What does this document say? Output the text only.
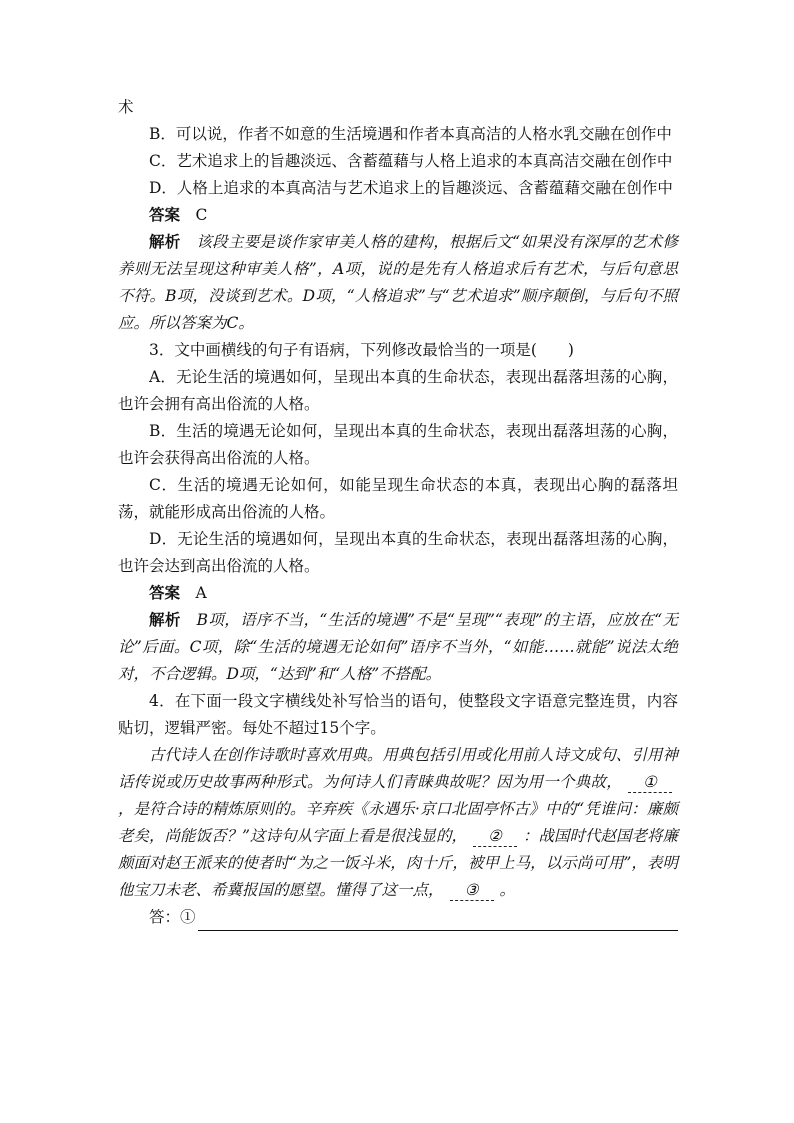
术

B．可以说，作者不如意的生活境遇和作者本真高洁的人格水乳交融在创作中

C．艺术追求上的旨趣淡远、含蓄蕴藉与人格上追求的本真高洁交融在创作中

D．人格上追求的本真高洁与艺术追求上的旨趣淡远、含蓄蕴藉交融在创作中

答案　 C

解析　 该段主要是谈作家审美人格的建构，根据后文“如果没有深厚的艺术修养则无法呈现这种审美人格”，A项，说的是先有人格追求后有艺术，与后句意思不符。B项，没谈到艺术。D项，“人格追求”与“艺术追求”顺序颠倒，与后句不照应。所以答案为C。

3．文中画横线的句子有语病，下列修改最恰当的一项是(　　)

A．无论生活的境遇如何，呈现出本真的生命状态，表现出磊落坦荡的心胸，也许会拥有高出俗流的人格。

B．生活的境遇无论如何，呈现出本真的生命状态，表现出磊落坦荡的心胸，也许会获得高出俗流的人格。

C．生活的境遇无论如何，如能呈现生命状态的本真，表现出心胸的磊落坦荡，就能形成高出俗流的人格。

D．无论生活的境遇如何，呈现出本真的生命状态，表现出磊落坦荡的心胸，也许会达到高出俗流的人格。

答案　 A

解析　 B项，语序不当，“生活的境遇”不是“呈现”“表现”的主语，应放在“无论”后面。C项，除“生活的境遇无论如何”语序不当外，“如能……就能”说法太绝对，不合逻辑。D项，“达到”和“人格”不搭配。

4．在下面一段文字横线处补写恰当的语句，使整段文字语意完整连贯，内容贴切，逻辑严密。每处不超过15个字。

古代诗人在创作诗歌时喜欢用典。用典包括引用或化用前人诗文成句、引用神话传说或历史故事两种形式。为何诗人们青睐典故呢？因为用一个典故， ①，是符合诗的精炼原则的。辛弃疾《永遇乐·京口北固亭怀古》中的“凭谁问：廉颇老矣，尚能饭否？”这诗句从字面上看是很浅显的， ② ：战国时代赵国老将廉颇面对赵王派来的使者时“为之一饭斗米，肉十斤，被甲上马，以示尚可用”，表明他宝刀未老、希冀报国的愿望。懂得了这一点， ③ 。

答：①
